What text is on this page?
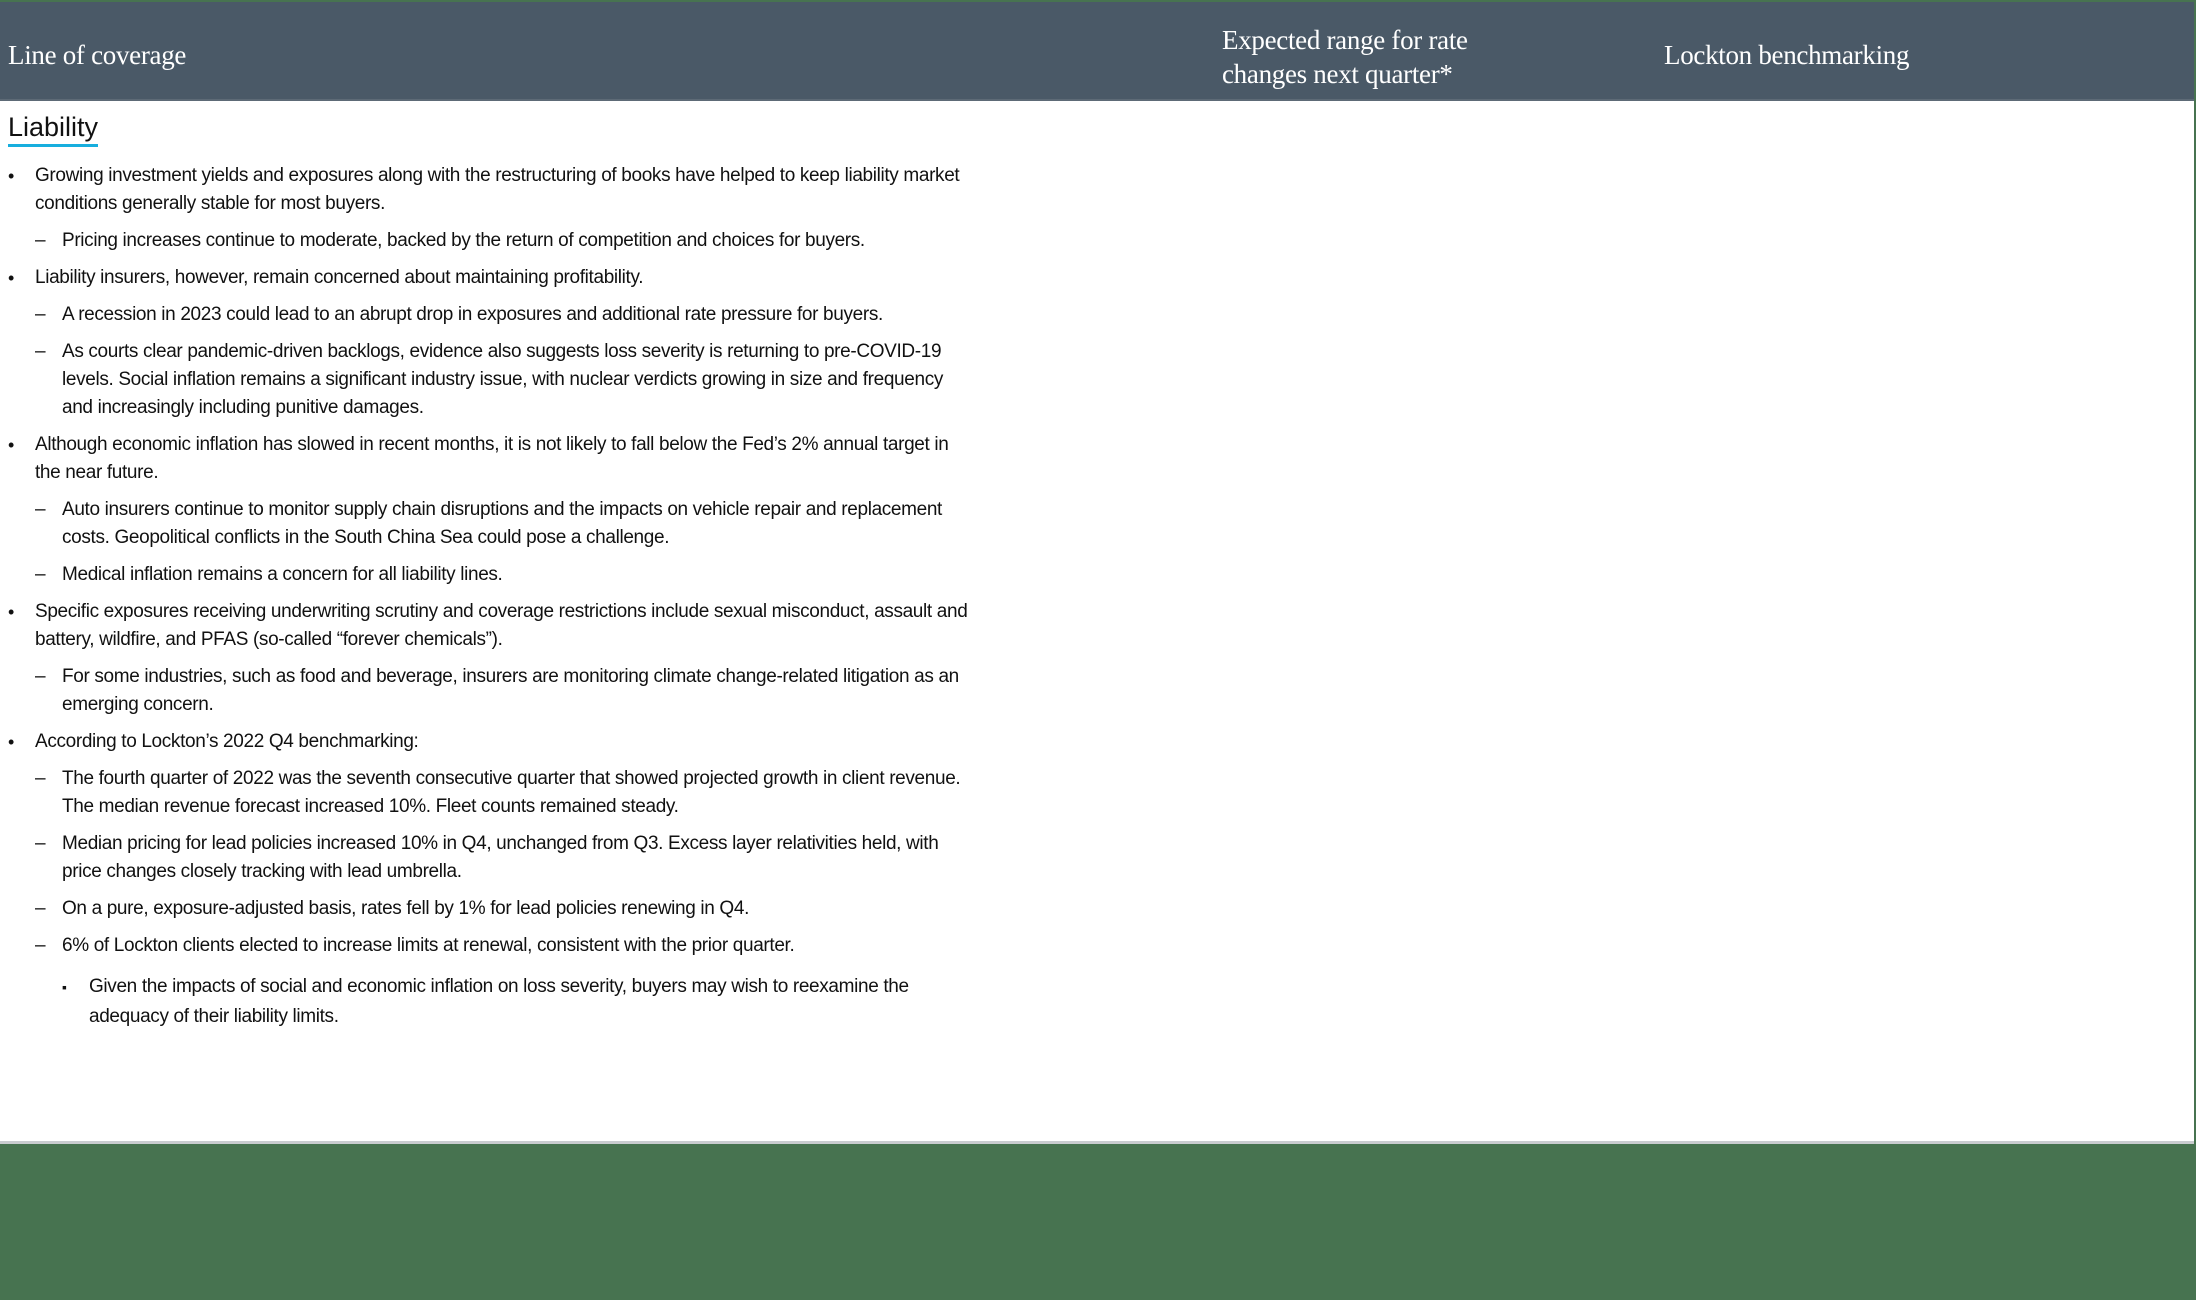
Line of coverage	Expected range for rate changes next quarter*
Lockton benchmarking
Liability
• Growing investment yields and exposures along with the restructuring of books have helped to keep liability market conditions generally stable for most buyers.
– Pricing increases continue to moderate, backed by the return of competition and choices for buyers.
• Liability insurers, however, remain concerned about maintaining profitability.
– A recession in 2023 could lead to an abrupt drop in exposures and additional rate pressure for buyers.
– As courts clear pandemic-driven backlogs, evidence also suggests loss severity is returning to pre-COVID-19 levels. Social inflation remains a significant industry issue, with nuclear verdicts growing in size and frequency and increasingly including punitive damages.
• Although economic inflation has slowed in recent months, it is not likely to fall below the Fed’s 2% annual target in the near future.
– Auto insurers continue to monitor supply chain disruptions and the impacts on vehicle repair and replacement costs. Geopolitical conflicts in the South China Sea could pose a challenge.
– Medical inflation remains a concern for all liability lines.
• Specific exposures receiving underwriting scrutiny and coverage restrictions include sexual misconduct, assault and battery, wildfire, and PFAS (so-called “forever chemicals”).
– For some industries, such as food and beverage, insurers are monitoring climate change-related litigation as an emerging concern.
• According to Lockton’s 2022 Q4 benchmarking:
– The fourth quarter of 2022 was the seventh consecutive quarter that showed projected growth in client revenue. The median revenue forecast increased 10%. Fleet counts remained steady.
– Median pricing for lead policies increased 10% in Q4, unchanged from Q3. Excess layer relativities held, with price changes closely tracking with lead umbrella.
– On a pure, exposure-adjusted basis, rates fell by 1% for lead policies renewing in Q4.
– 6% of Lockton clients elected to increase limits at renewal, consistent with the prior quarter.
▪ Given the impacts of social and economic inflation on loss severity, buyers may wish to reexamine the adequacy of their liability limits.
